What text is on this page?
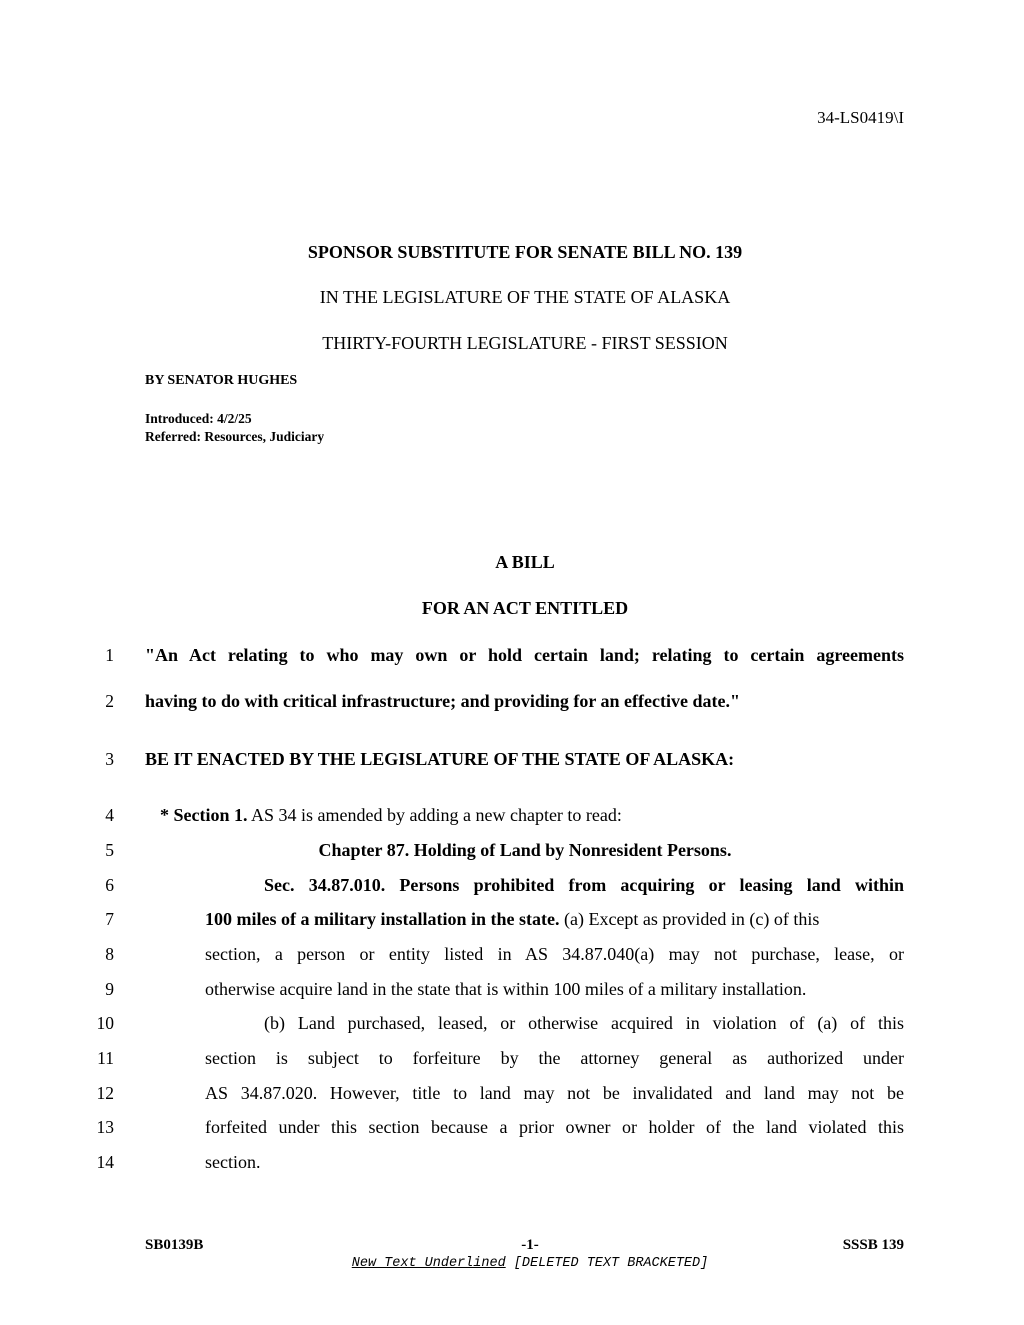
34-LS0419\I
SPONSOR SUBSTITUTE FOR SENATE BILL NO. 139
IN THE LEGISLATURE OF THE STATE OF ALASKA
THIRTY-FOURTH LEGISLATURE - FIRST SESSION
BY SENATOR HUGHES
Introduced: 4/2/25
Referred: Resources, Judiciary
A BILL
FOR AN ACT ENTITLED
1 "An Act relating to who may own or hold certain land; relating to certain agreements
2 having to do with critical infrastructure; and providing for an effective date."
3 BE IT ENACTED BY THE LEGISLATURE OF THE STATE OF ALASKA:
4	* Section 1. AS 34 is amended by adding a new chapter to read:
5	Chapter 87. Holding of Land by Nonresident Persons.
6	Sec. 34.87.010. Persons prohibited from acquiring or leasing land within
7	100 miles of a military installation in the state. (a) Except as provided in (c) of this
8	section, a person or entity listed in AS 34.87.040(a) may not purchase, lease, or
9	otherwise acquire land in the state that is within 100 miles of a military installation.
10	(b) Land purchased, leased, or otherwise acquired in violation of (a) of this
11	section is subject to forfeiture by the attorney general as authorized under
12	AS 34.87.020. However, title to land may not be invalidated and land may not be
13	forfeited under this section because a prior owner or holder of the land violated this
14	section.
SB0139B	-1-	SSSB 139
New Text Underlined [DELETED TEXT BRACKETED]
